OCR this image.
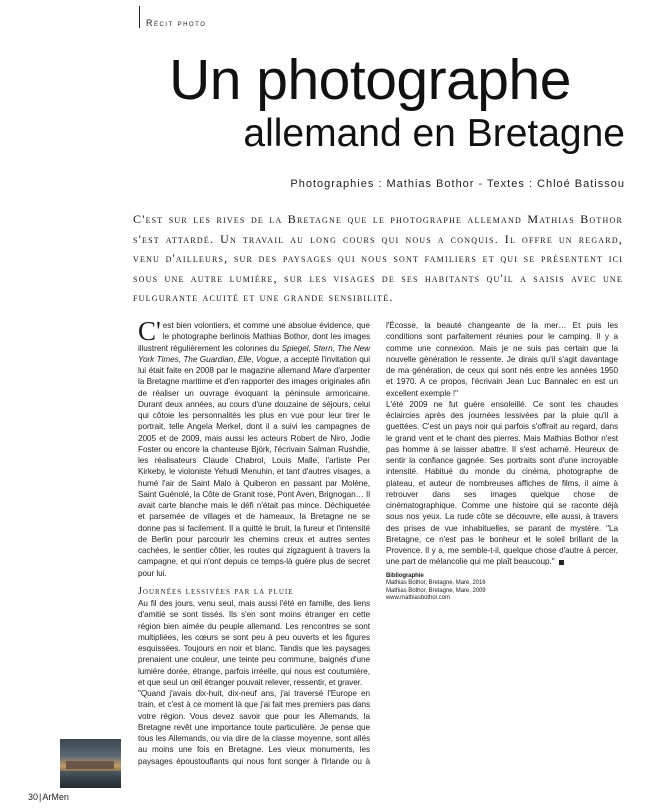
Récit photo
Un photographe
allemand en Bretagne
Photographies : Mathias Bothor - Textes : Chloé Batissou
C'est sur les rives de la Bretagne que le photographe allemand Mathias Bothor s'est attardé. Un travail au long cours qui nous a conquis. Il offre un regard, venu d'ailleurs, sur des paysages qui nous sont familiers et qui se présentent ici sous une autre lumière, sur les visages de ses habitants qu'il a saisis avec une fulgurante acuité et une grande sensibilité.

C'est bien volontiers, et comme une absolue évidence, que le photographe berlinois Mathias Bothor, dont les images illustrent régulièrement les colonnes du Spiegel, Stern, The New York Times, The Guardian, Elle, Vogue, a accepté l'invitation qui lui était faite en 2008 par le magazine allemand Mare d'arpenter la Bretagne maritime et d'en rapporter des images originales afin de réaliser un ouvrage évoquant la péninsule armoricaine. Durant deux années, au cours d'une douzaine de séjours, celui qui côtoie les personnalités les plus en vue pour leur tirer le portrait, telle Angela Merkel, dont il a suivi les campagnes de 2005 et de 2009, mais aussi les acteurs Robert de Niro, Jodie Foster ou encore la chanteuse Björk, l'écrivain Salman Rushdie, les réalisateurs Claude Chabrol, Louis Malle, l'artiste Per Kirkeby, le violoniste Yehudi Menuhin, et tant d'autres visages, a humé l'air de Saint Malo à Quiberon en passant par Molène, Saint Guénolé, la Côte de Granit rose, Pont Aven, Brignogan… Il avait carte blanche mais le défi n'était pas mince. Déchiquetée et parsemée de villages et de hameaux, la Bretagne ne se donne pas si facilement. Il a quitté le bruit, la fureur et l'intensité de Berlin pour parcourir les chemins creux et autres sentes cachées, le sentier côtier, les routes qui zigzaguent à travers la campagne, et qui n'ont depuis ce temps-là guère plus de secret pour lui.

Journées lessivées par la pluie

Au fil des jours, venu seul, mais aussi l'été en famille, des liens d'amitié se sont tissés. Ils s'en sont moins étranger en cette région bien aimée du peuple allemand. Les rencontres se sont multipliées, les cœurs se sont peu à peu ouverts et les figures esquissées. Toujours en noir et blanc. Tandis que les paysages prenaient une couleur, une teinte peu commune, baignés d'une lumière dorée, étrange, parfois irréelle, qui nous est coutumière, et que seul un œil étranger pouvait relever, ressentir, et graver.

"Quand j'avais dix-huit, dix-neuf ans, j'ai traversé l'Europe en train, et c'est à ce moment là que j'ai fait mes premiers pas dans votre région. Vous devez savoir que pour les Allemands, la Bretagne revêt une importance toute particulière. Je pense que tous les Allemands, ou via dire de la classe moyenne, sont allés au moins une fois en Bretagne. Les vieux monuments, les paysages époustouflants qui nous font songer à l'Irlande ou à l'Écosse, la beauté changeante de la mer… Et puis les conditions sont parfaitement réunies pour le camping. Il y a comme une connexion. Mais je ne suis pas certain que la nouvelle génération le ressente. Je dirais qu'il s'agit davantage de ma génération, de ceux qui sont nés entre les années 1950 et 1970. A ce propos, l'écrivain Jean Luc Bannalec en est un excellent exemple !"

L'été 2009 ne fut guère ensoleillé. Ce sont les chaudes éclaircies après des journées lessivées par la pluie qu'il a guettées. C'est un pays noir qui parfois s'offrait au regard, dans le grand vent et le chant des pierres. Mais Mathias Bothor n'est pas homme à se laisser abattre. Il s'est acharné. Heureux de sentir la confiance gagnée. Ses portraits sont d'une incroyable intensité. Habitué du monde du cinéma, photographe de plateau, et auteur de nombreuses affiches de films, il aime à retrouver dans ses images quelque chose de cinématographique. Comme une histoire qui se raconte déjà sous nos yeux. La rude côte se découvre, elle aussi, à travers des prises de vue inhabituelles, se parant de mystère. "La Bretagne, ce n'est pas le bonheur et le soleil brillant de la Provence. Il y a, me semble-t-il, quelque chose d'autre à percer, une part de mélancolie qui me plaît beaucoup."

Bibliographie
Mathias Bothor, Bretagne, Mare, 2016
Mathias Bothor, Bretagne, Mare, 2009
www.mathiasbothor.com
30|ArMen
